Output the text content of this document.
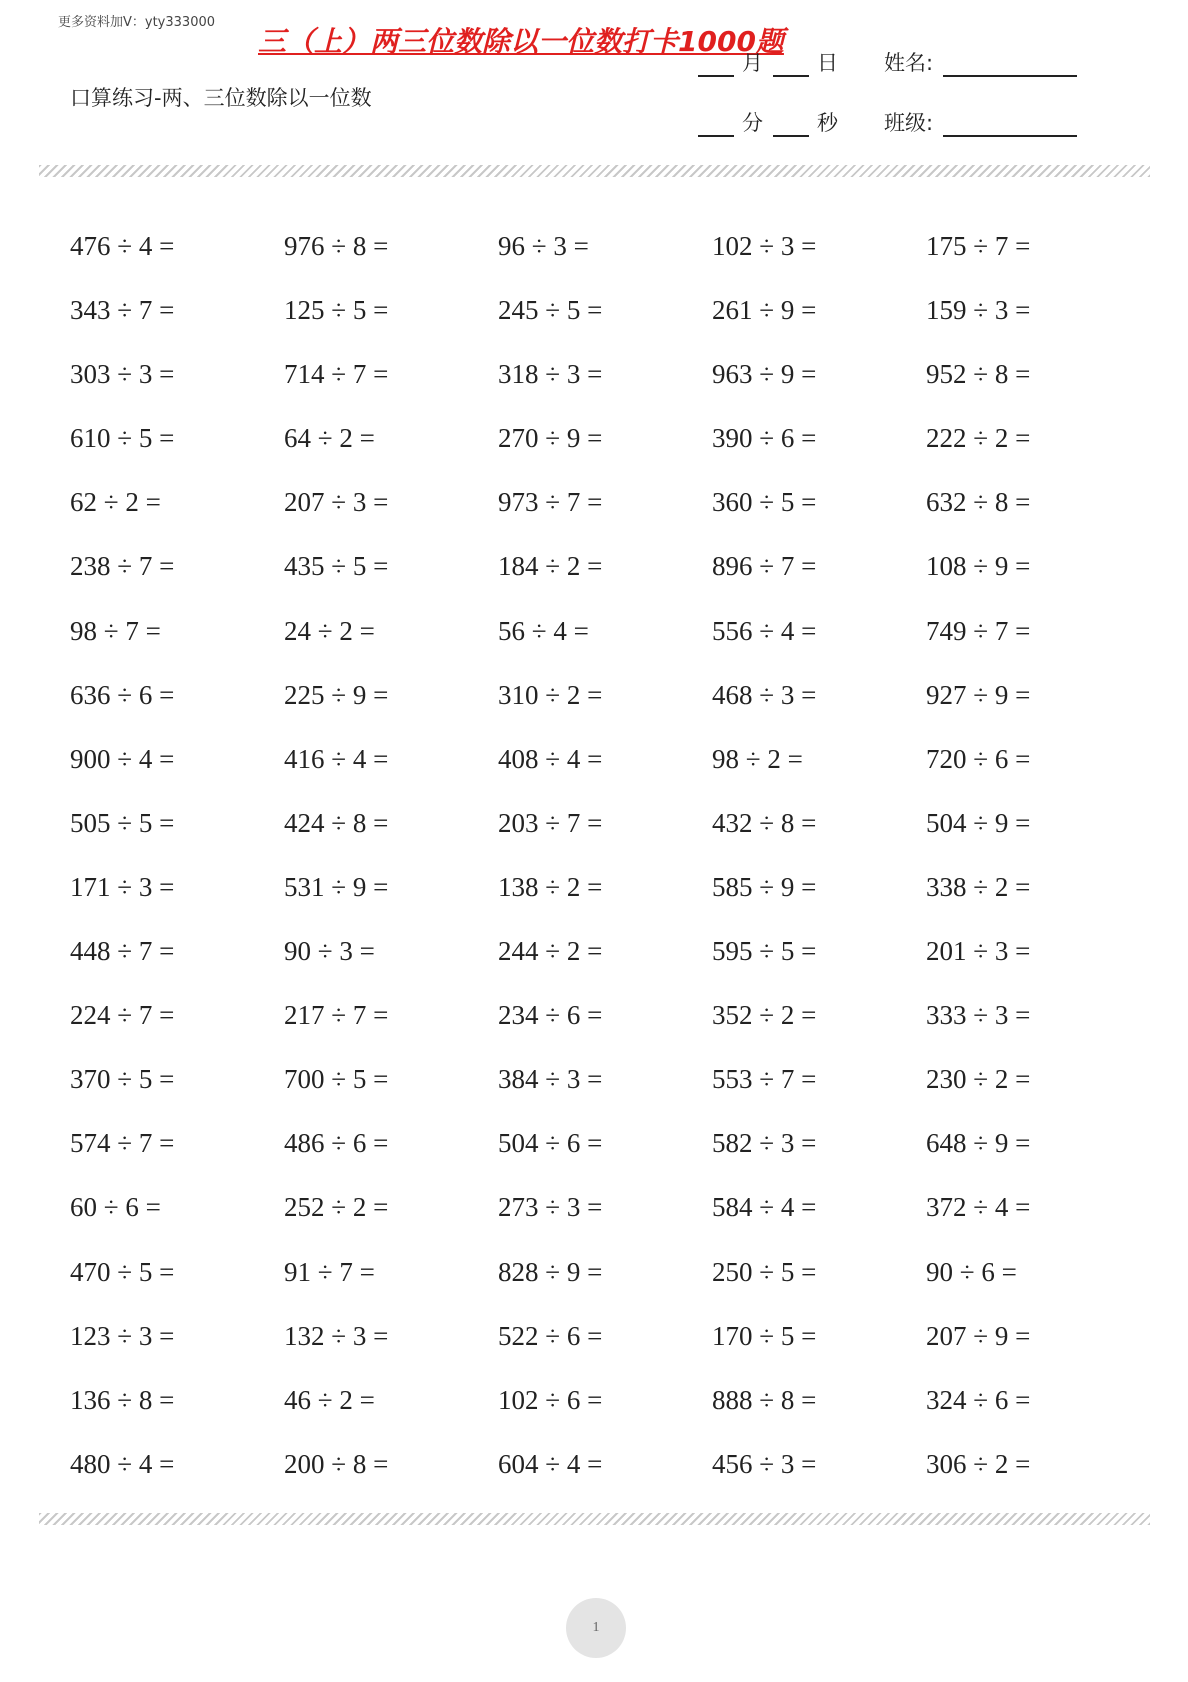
更多资料加V：yty333000
三（上）两三位数除以一位数打卡1000题
口算练习-两、三位数除以一位数
月	日 姓名:
分	秒 班级:
476 ÷ 4 =	976 ÷ 8 =	96 ÷ 3 =	102 ÷ 3 =	175 ÷ 7 =
343 ÷ 7 =	125 ÷ 5 =	245 ÷ 5 =	261 ÷ 9 =	159 ÷ 3 =
303 ÷ 3 =	714 ÷ 7 =	318 ÷ 3 =	963 ÷ 9 =	952 ÷ 8 =
610 ÷ 5 =	64 ÷ 2 =	270 ÷ 9 =	390 ÷ 6 =	222 ÷ 2 =
62 ÷ 2 =	207 ÷ 3 =	973 ÷ 7 =	360 ÷ 5 =	632 ÷ 8 =
238 ÷ 7 =	435 ÷ 5 =	184 ÷ 2 =	896 ÷ 7 =	108 ÷ 9 =
98 ÷ 7 =	24 ÷ 2 =	56 ÷ 4 =	556 ÷ 4 =	749 ÷ 7 =
636 ÷ 6 =	225 ÷ 9 =	310 ÷ 2 =	468 ÷ 3 =	927 ÷ 9 =
900 ÷ 4 =	416 ÷ 4 =	408 ÷ 4 =	98 ÷ 2 =	720 ÷ 6 =
505 ÷ 5 =	424 ÷ 8 =	203 ÷ 7 =	432 ÷ 8 =	504 ÷ 9 =
171 ÷ 3 =	531 ÷ 9 =	138 ÷ 2 =	585 ÷ 9 =	338 ÷ 2 =
448 ÷ 7 =	90 ÷ 3 =	244 ÷ 2 =	595 ÷ 5 =	201 ÷ 3 =
224 ÷ 7 =	217 ÷ 7 =	234 ÷ 6 =	352 ÷ 2 =	333 ÷ 3 =
370 ÷ 5 =	700 ÷ 5 =	384 ÷ 3 =	553 ÷ 7 =	230 ÷ 2 =
574 ÷ 7 =	486 ÷ 6 =	504 ÷ 6 =	582 ÷ 3 =	648 ÷ 9 =
60 ÷ 6 =	252 ÷ 2 =	273 ÷ 3 =	584 ÷ 4 =	372 ÷ 4 =
470 ÷ 5 =	91 ÷ 7 =	828 ÷ 9 =	250 ÷ 5 =	90 ÷ 6 =
123 ÷ 3 =	132 ÷ 3 =	522 ÷ 6 =	170 ÷ 5 =	207 ÷ 9 =
136 ÷ 8 =	46 ÷ 2 =	102 ÷ 6 =	888 ÷ 8 =	324 ÷ 6 =
480 ÷ 4 =	200 ÷ 8 =	604 ÷ 4 =	456 ÷ 3 =	306 ÷ 2 =
1
